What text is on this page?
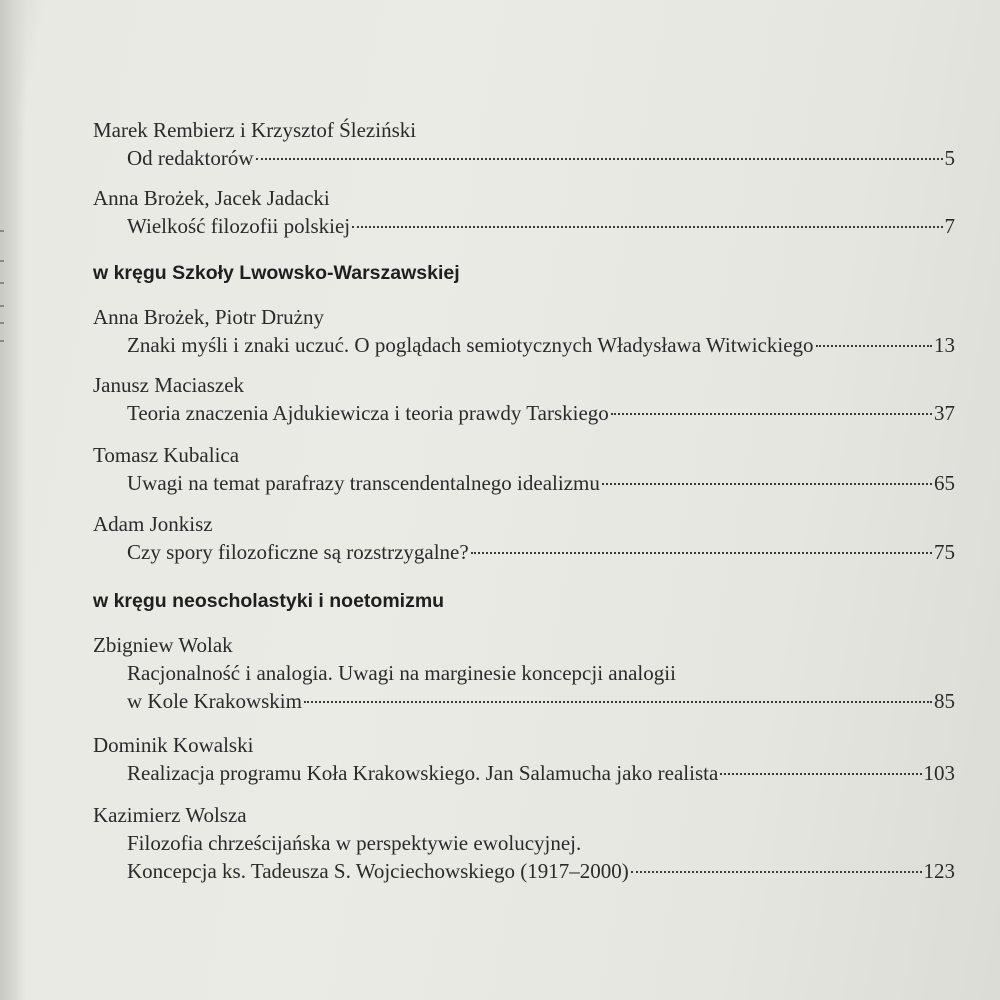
Marek Rembierz i Krzysztof Śleziński
Od redaktorów	5
Anna Brożek, Jacek Jadacki
Wielkość filozofii polskiej	7
w kręgu Szkoły Lwowsko-Warszawskiej
Anna Brożek, Piotr Drużny
Znaki myśli i znaki uczuć. O poglądach semiotycznych Władysława Witwickiego	13
Janusz Maciaszek
Teoria znaczenia Ajdukiewicza i teoria prawdy Tarskiego	37
Tomasz Kubalica
Uwagi na temat parafrazy transcendentalnego idealizmu	65
Adam Jonkisz
Czy spory filozoficzne są rozstrzygalne?	75
w kręgu neoscholastyki i noetomizmu
Zbigniew Wolak
Racjonalność i analogia. Uwagi na marginesie koncepcji analogii
w Kole Krakowskim	85
Dominik Kowalski
Realizacja programu Koła Krakowskiego. Jan Salamucha jako realista	103
Kazimierz Wolsza
Filozofia chrześcijańska w perspektywie ewolucyjnej.
Koncepcja ks. Tadeusza S. Wojciechowskiego (1917–2000)	123
